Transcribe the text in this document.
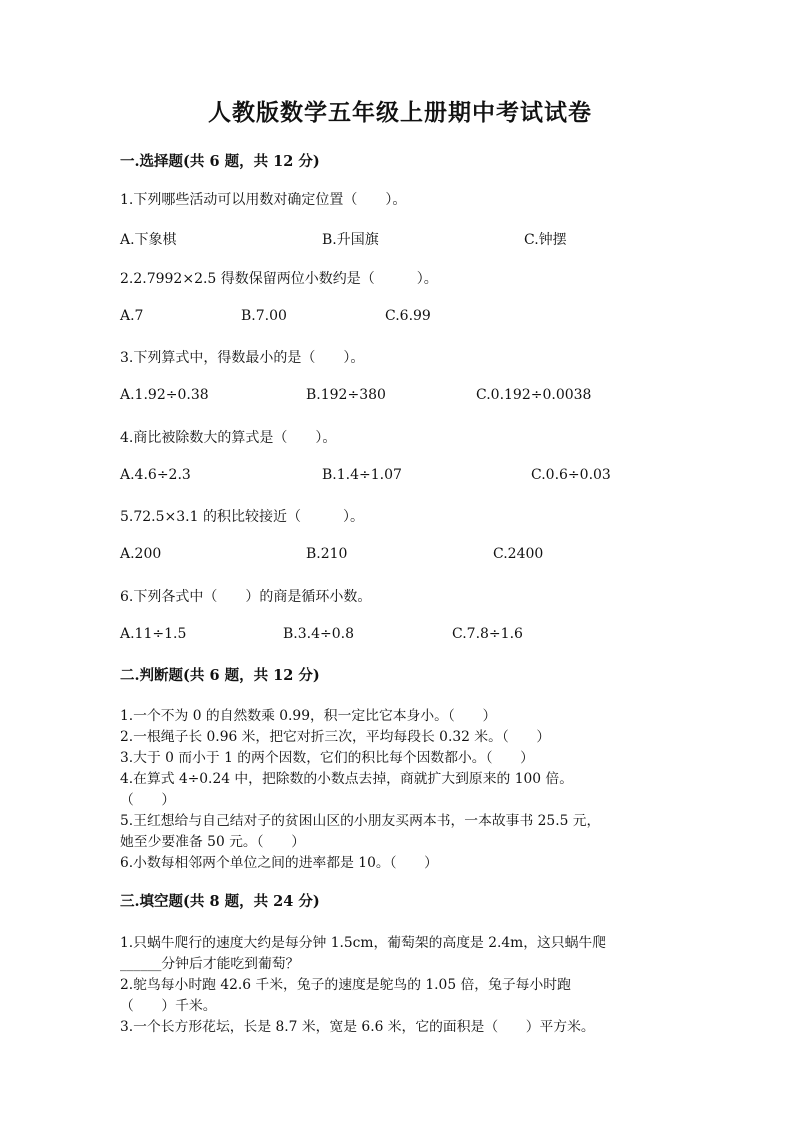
人教版数学五年级上册期中考试试卷
一.选择题(共 6 题，共 12 分)
1.下列哪些活动可以用数对确定位置（　　）。
A.下象棋	B.升国旗	C.钟摆
2.2.7992×2.5 得数保留两位小数约是（　　　）。
A.7	B.7.00	C.6.99
3.下列算式中，得数最小的是（　　）。
A.1.92÷0.38	B.192÷380	C.0.192÷0.0038
4.商比被除数大的算式是（　　）。
A.4.6÷2.3	B.1.4÷1.07	C.0.6÷0.03
5.72.5×3.1 的积比较接近（　　　）。
A.200	B.210	C.2400
6.下列各式中（　　）的商是循环小数。
A.11÷1.5	B.3.4÷0.8	C.7.8÷1.6
二.判断题(共 6 题，共 12 分)
1.一个不为 0 的自然数乘 0.99，积一定比它本身小。（　　）
2.一根绳子长 0.96 米，把它对折三次，平均每段长 0.32 米。（　　）
3.大于 0 而小于 1 的两个因数，它们的积比每个因数都小。（　　）
4.在算式 4÷0.24 中，把除数的小数点去掉，商就扩大到原来的 100 倍。
（　　）
5.王红想给与自己结对子的贫困山区的小朋友买两本书，一本故事书 25.5 元，
她至少要准备 50 元。（　　）
6.小数每相邻两个单位之间的进率都是 10。（　　）
三.填空题(共 8 题，共 24 分)
1.只蜗牛爬行的速度大约是每分钟 1.5cm，葡萄架的高度是 2.4m，这只蜗牛爬
______分钟后才能吃到葡萄？
2.鸵鸟每小时跑 42.6 千米，兔子的速度是鸵鸟的 1.05 倍，兔子每小时跑
（　　）千米。
3.一个长方形花坛，长是 8.7 米，宽是 6.6 米，它的面积是（　　）平方米。
